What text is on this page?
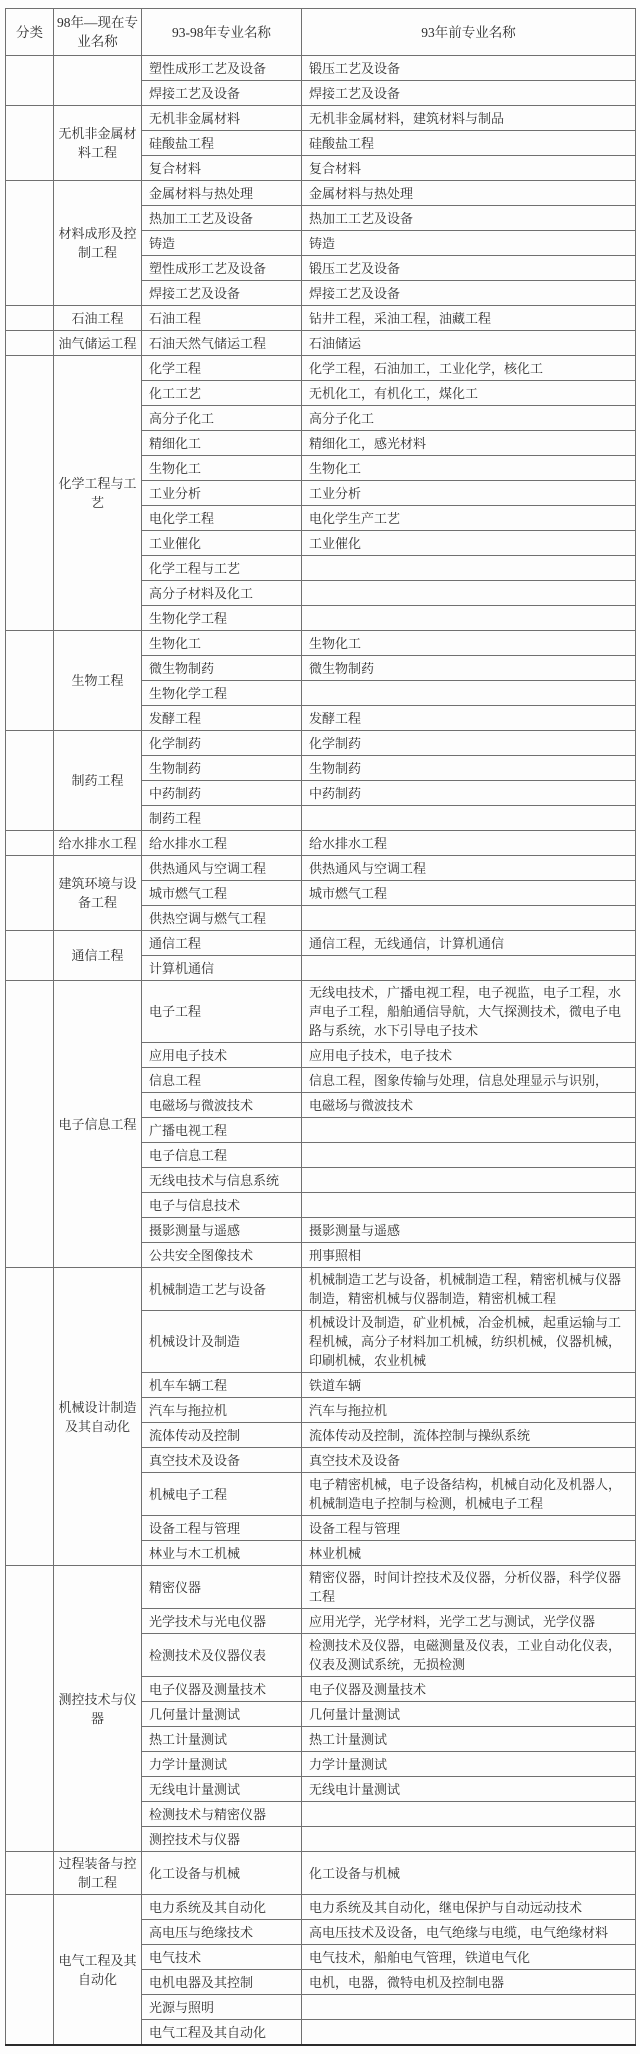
分类	98年—现在专业名称	93-98年专业名称	93年前专业名称
		塑性成形工艺及设备	锻压工艺及设备
		焊接工艺及设备	焊接工艺及设备
	无机非金属材料工程	无机非金属材料	无机非金属材料，建筑材料与制品
		硅酸盐工程	硅酸盐工程
		复合材料	复合材料
	材料成形及控制工程	金属材料与热处理	金属材料与热处理
		热加工工艺及设备	热加工工艺及设备
		铸造	铸造
		塑性成形工艺及设备	锻压工艺及设备
		焊接工艺及设备	焊接工艺及设备
	石油工程	石油工程	钻井工程，采油工程，油藏工程
	油气储运工程	石油天然气储运工程	石油储运
	化学工程与工艺	化学工程	化学工程，石油加工，工业化学，核化工
		化工工艺	无机化工，有机化工，煤化工
		高分子化工	高分子化工
		精细化工	精细化工，感光材料
		生物化工	生物化工
		工业分析	工业分析
		电化学工程	电化学生产工艺
		工业催化	工业催化
		化学工程与工艺	
		高分子材料及化工	
		生物化学工程	
	生物工程	生物化工	生物化工
		微生物制药	微生物制药
		生物化学工程	
		发酵工程	发酵工程
	制药工程	化学制药	化学制药
		生物制药	生物制药
		中药制药	中药制药
		制药工程	
	给水排水工程	给水排水工程	给水排水工程
	建筑环境与设备工程	供热通风与空调工程	供热通风与空调工程
		城市燃气工程	城市燃气工程
		供热空调与燃气工程	
	通信工程	通信工程	通信工程，无线通信，计算机通信
		计算机通信	
	电子信息工程	电子工程	无线电技术，广播电视工程，电子视监，电子工程，水声电子工程，船舶通信导航，大气探测技术，微电子电路与系统，水下引导电子技术
		应用电子技术	应用电子技术，电子技术
		信息工程	信息工程，图象传输与处理，信息处理显示与识别，
		电磁场与微波技术	电磁场与微波技术
		广播电视工程	
		电子信息工程	
		无线电技术与信息系统	
		电子与信息技术	
		摄影测量与遥感	摄影测量与遥感
		公共安全图像技术	刑事照相
	机械设计制造及其自动化	机械制造工艺与设备	机械制造工艺与设备，机械制造工程，精密机械与仪器制造，精密机械与仪器制造，精密机械工程
		机械设计及制造	机械设计及制造，矿业机械，冶金机械，起重运输与工程机械，高分子材料加工机械，纺织机械，仪器机械，印刷机械，农业机械
		机车车辆工程	铁道车辆
		汽车与拖拉机	汽车与拖拉机
		流体传动及控制	流体传动及控制，流体控制与操纵系统
		真空技术及设备	真空技术及设备
		机械电子工程	电子精密机械，电子设备结构，机械自动化及机器人，机械制造电子控制与检测，机械电子工程
		设备工程与管理	设备工程与管理
		林业与木工机械	林业机械
	测控技术与仪器	精密仪器	精密仪器，时间计控技术及仪器，分析仪器，科学仪器工程
		光学技术与光电仪器	应用光学，光学材料，光学工艺与测试，光学仪器
		检测技术及仪器仪表	检测技术及仪器，电磁测量及仪表，工业自动化仪表，仪表及测试系统，无损检测
		电子仪器及测量技术	电子仪器及测量技术
		几何量计量测试	几何量计量测试
		热工计量测试	热工计量测试
		力学计量测试	力学计量测试
		无线电计量测试	无线电计量测试
		检测技术与精密仪器	
		测控技术与仪器	
	过程装备与控制工程	化工设备与机械	化工设备与机械
	电气工程及其自动化	电力系统及其自动化	电力系统及其自动化，继电保护与自动远动技术
		高电压与绝缘技术	高电压技术及设备，电气绝缘与电缆，电气绝缘材料
		电气技术	电气技术，船舶电气管理，铁道电气化
		电机电器及其控制	电机，电器，微特电机及控制电器
		光源与照明	
		电气工程及其自动化	
